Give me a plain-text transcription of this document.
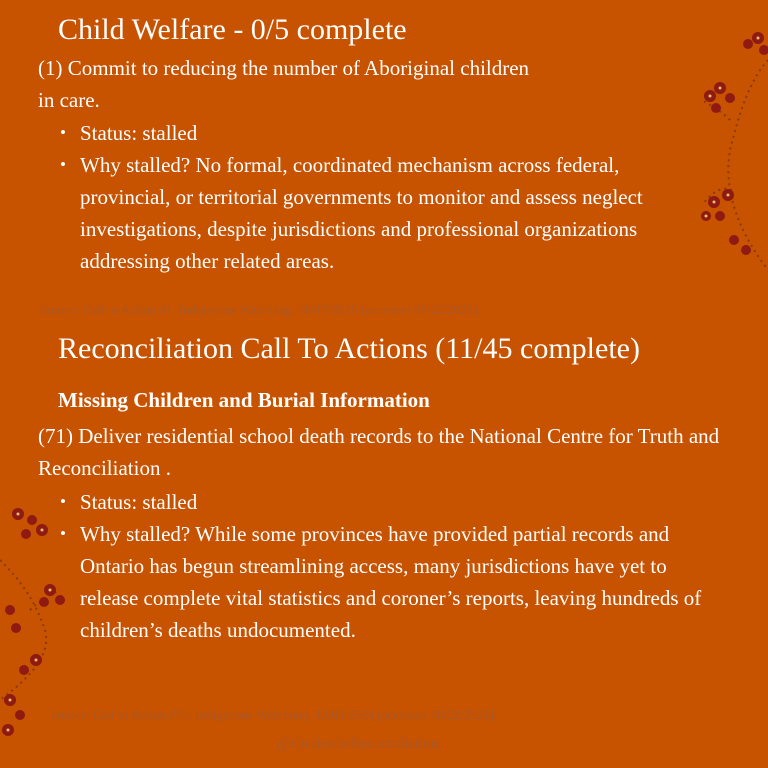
Child Welfare - 0/5 complete
(1) Commit to reducing the number of Aboriginal children
in care.
• Status: stalled
• Why stalled? No formal, coordinated mechanism across federal, provincial, or territorial governments to monitor and assess neglect investigations, despite jurisdictions and professional organizations addressing other related areas.
Source: Call to Action #1. Indigenous Watchdog. 06/17/2025 [accessed 08/22/2025].
Reconciliation Call To Actions (11/45 complete)
Missing Children and Burial Information
(71) Deliver residential school death records to the National Centre for Truth and Reconciliation .
• Status: stalled
• Why stalled? While some provinces have provided partial records and Ontario has begun streamlining access, many jurisdictions have yet to release complete vital statistics and coroner’s reports, leaving hundreds of children’s deaths undocumented.
Source: Call to Action #71. Indigenous Watchdog. 12/02/2024 [accessed 08/22/2025].
@CirclesforReconciliation
